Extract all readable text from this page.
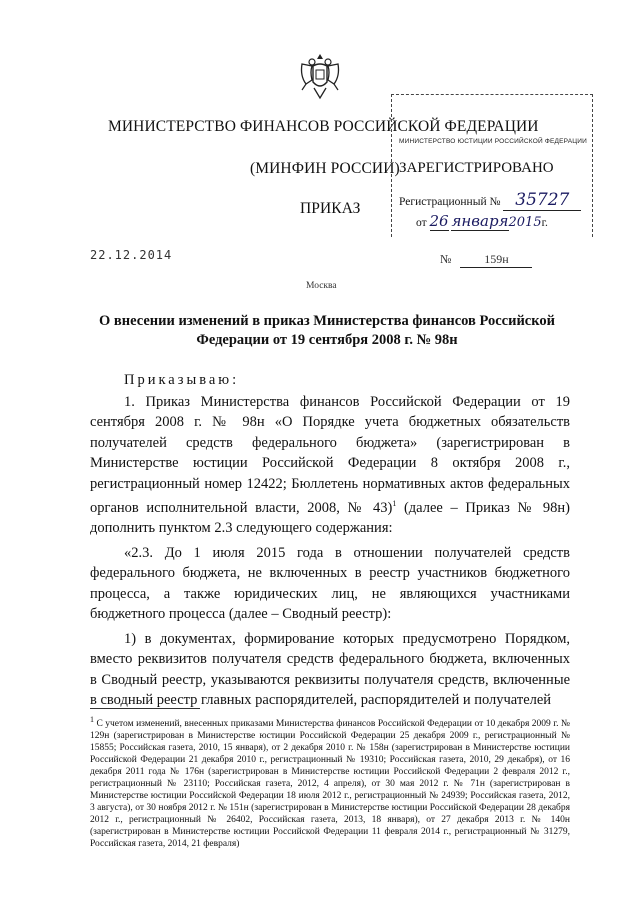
МИНИСТЕРСТВО ФИНАНСОВ РОССИЙСКОЙ ФЕДЕРАЦИИ
(МИНФИН РОССИИ)
ПРИКАЗ
МИНИСТЕРСТВО ЮСТИЦИИ РОССИЙСКОЙ ФЕДЕРАЦИИ
ЗАРЕГИСТРИРОВАНО
Регистрационный № 35727
от 26 января2015г.
22.12.2014	№	159н
Москва
О внесении изменений в приказ Министерства финансов Российской Федерации от 19 сентября 2008 г. № 98н

Приказываю:

1. Приказ Министерства финансов Российской Федерации от 19 сентября 2008 г. № 98н «О Порядке учета бюджетных обязательств получателей средств федерального бюджета» (зарегистрирован в Министерстве юстиции Российской Федерации 8 октября 2008 г., регистрационный номер 12422; Бюллетень нормативных актов федеральных органов исполнительной власти, 2008, № 43)$^1$ (далее – Приказ № 98н) дополнить пунктом 2.3 следующего содержания:

«2.3. До 1 июля 2015 года в отношении получателей средств федерального бюджета, не включенных в реестр участников бюджетного процесса, а также юридических лиц, не являющихся участниками бюджетного процесса (далее – Сводный реестр):

1) в документах, формирование которых предусмотрено Порядком, вместо реквизитов получателя средств федерального бюджета, включенных в Сводный реестр, указываются реквизиты получателя средств, включенные в сводный реестр главных распорядителей, распорядителей и получателей

$^1$ С учетом изменений, внесенных приказами Министерства финансов Российской Федерации от 10 декабря 2009 г. № 129н (зарегистрирован в Министерстве юстиции Российской Федерации 25 декабря 2009 г., регистрационный № 15855; Российская газета, 2010, 15 января), от 2 декабря 2010 г. № 158н (зарегистрирован в Министерстве юстиции Российской Федерации 21 декабря 2010 г., регистрационный № 19310; Российская газета, 2010, 29 декабря), от 16 декабря 2011 года № 176н (зарегистрирован в Министерстве юстиции Российской Федерации 2 февраля 2012 г., регистрационный № 23110; Российская газета, 2012, 4 апреля), от 30 мая 2012 г. № 71н (зарегистрирован в Министерстве юстиции Российской Федерации 18 июля 2012 г., регистрационный № 24939; Российская газета, 2012, 3 августа), от 30 ноября 2012 г. № 151н (зарегистрирован в Министерстве юстиции Российской Федерации 28 декабря 2012 г., регистрационный № 26402, Российская газета, 2013, 18 января), от 27 декабря 2013 г. № 140н (зарегистрирован в Министерстве юстиции Российской Федерации 11 февраля 2014 г., регистрационный № 31279, Российская газета, 2014, 21 февраля)
